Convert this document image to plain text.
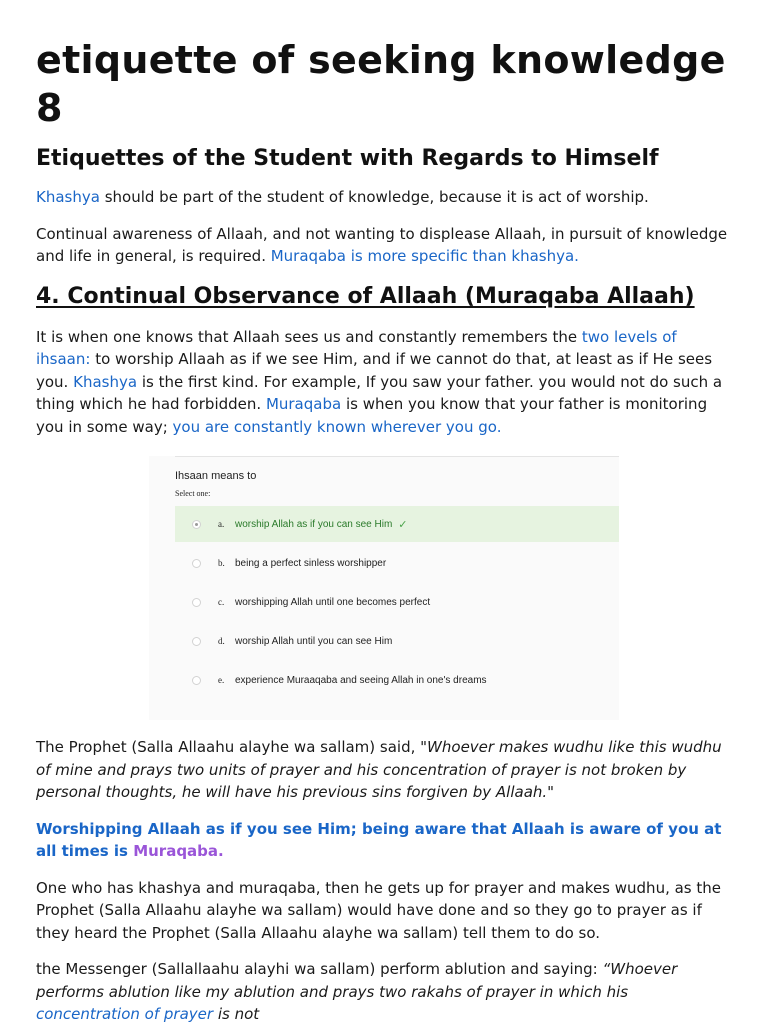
etiquette of seeking knowledge 8
Etiquettes of the Student with Regards to Himself

Khashya should be part of the student of knowledge, because it is act of worship.

Continual awareness of Allaah, and not wanting to displease Allaah, in pursuit of knowledge and life in general, is required. Muraqaba is more specific than khashya.

4. Continual Observance of Allaah (Muraqaba Allaah)

It is when one knows that Allaah sees us and constantly remembers the two levels of ihsaan: to worship Allaah as if we see Him, and if we cannot do that, at least as if He sees you. Khashya is the first kind. For example, If you saw your father. you would not do such a thing which he had forbidden. Muraqaba is when you know that your father is monitoring you in some way; you are constantly known wherever you go.

Ihsaan means to
Select one:
a.	worship Allah as if you can see Him ✓
b.	being a perfect sinless worshipper
c.	worshipping Allah until one becomes perfect
d.	worship Allah until you can see Him
e.	experience Muraaqaba and seeing Allah in one's dreams

The Prophet (Salla Allaahu alayhe wa sallam) said, "Whoever makes wudhu like this wudhu of mine and prays two units of prayer and his concentration of prayer is not broken by personal thoughts, he will have his previous sins forgiven by Allaah."

Worshipping Allaah as if you see Him; being aware that Allaah is aware of you at all times is Muraqaba.

One who has khashya and muraqaba, then he gets up for prayer and makes wudhu, as the Prophet (Salla Allaahu alayhe wa sallam) would have done and so they go to prayer as if they heard the Prophet (Salla Allaahu alayhe wa sallam) tell them to do so.

the Messenger (Sallallaahu alayhi wa sallam) perform ablution and saying: “Whoever performs ablution like my ablution and prays two rakahs of prayer in which his concentration of prayer is not
